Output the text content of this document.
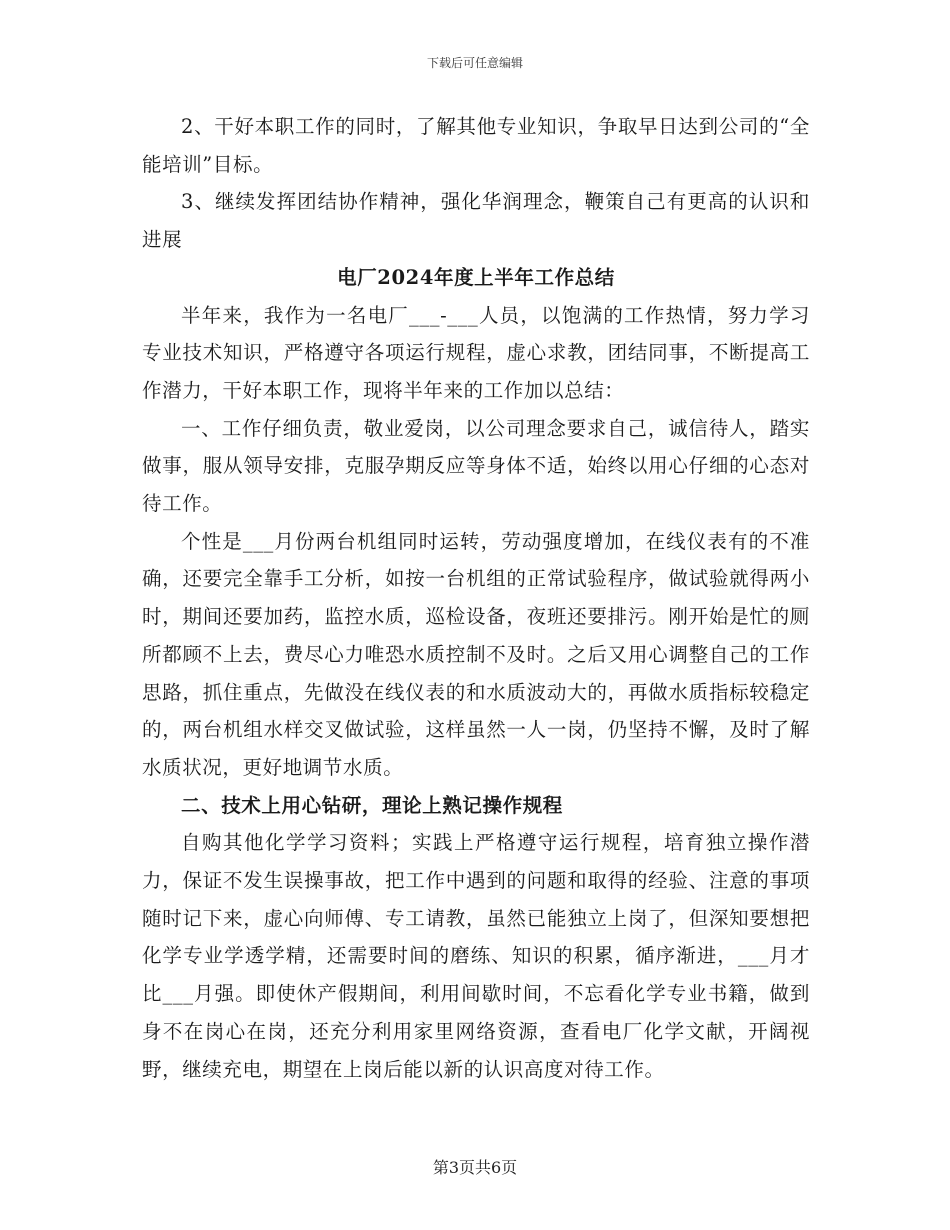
下载后可任意编辑

2、干好本职工作的同时，了解其他专业知识，争取早日达到公司的“全能培训”目标。

3、继续发挥团结协作精神，强化华润理念，鞭策自己有更高的认识和进展

电厂2024年度上半年工作总结

半年来，我作为一名电厂___-___人员，以饱满的工作热情，努力学习专业技术知识，严格遵守各项运行规程，虚心求教，团结同事，不断提高工作潜力，干好本职工作，现将半年来的工作加以总结：

一、工作仔细负责，敬业爱岗，以公司理念要求自己，诚信待人，踏实做事，服从领导安排，克服孕期反应等身体不适，始终以用心仔细的心态对待工作。

个性是___月份两台机组同时运转，劳动强度增加，在线仪表有的不准确，还要完全靠手工分析，如按一台机组的正常试验程序，做试验就得两小时，期间还要加药，监控水质，巡检设备，夜班还要排污。刚开始是忙的厕所都顾不上去，费尽心力唯恐水质控制不及时。之后又用心调整自己的工作思路，抓住重点，先做没在线仪表的和水质波动大的，再做水质指标较稳定的，两台机组水样交叉做试验，这样虽然一人一岗，仍坚持不懈，及时了解水质状况，更好地调节水质。

二、技术上用心钻研，理论上熟记操作规程

自购其他化学学习资料；实践上严格遵守运行规程，培育独立操作潜力，保证不发生误操事故，把工作中遇到的问题和取得的经验、注意的事项随时记下来，虚心向师傅、专工请教，虽然已能独立上岗了，但深知要想把化学专业学透学精，还需要时间的磨练、知识的积累，循序渐进，___月才比___月强。即使休产假期间，利用间歇时间，不忘看化学专业书籍，做到身不在岗心在岗，还充分利用家里网络资源，查看电厂化学文献，开阔视野，继续充电，期望在上岗后能以新的认识高度对待工作。

第3页共6页
